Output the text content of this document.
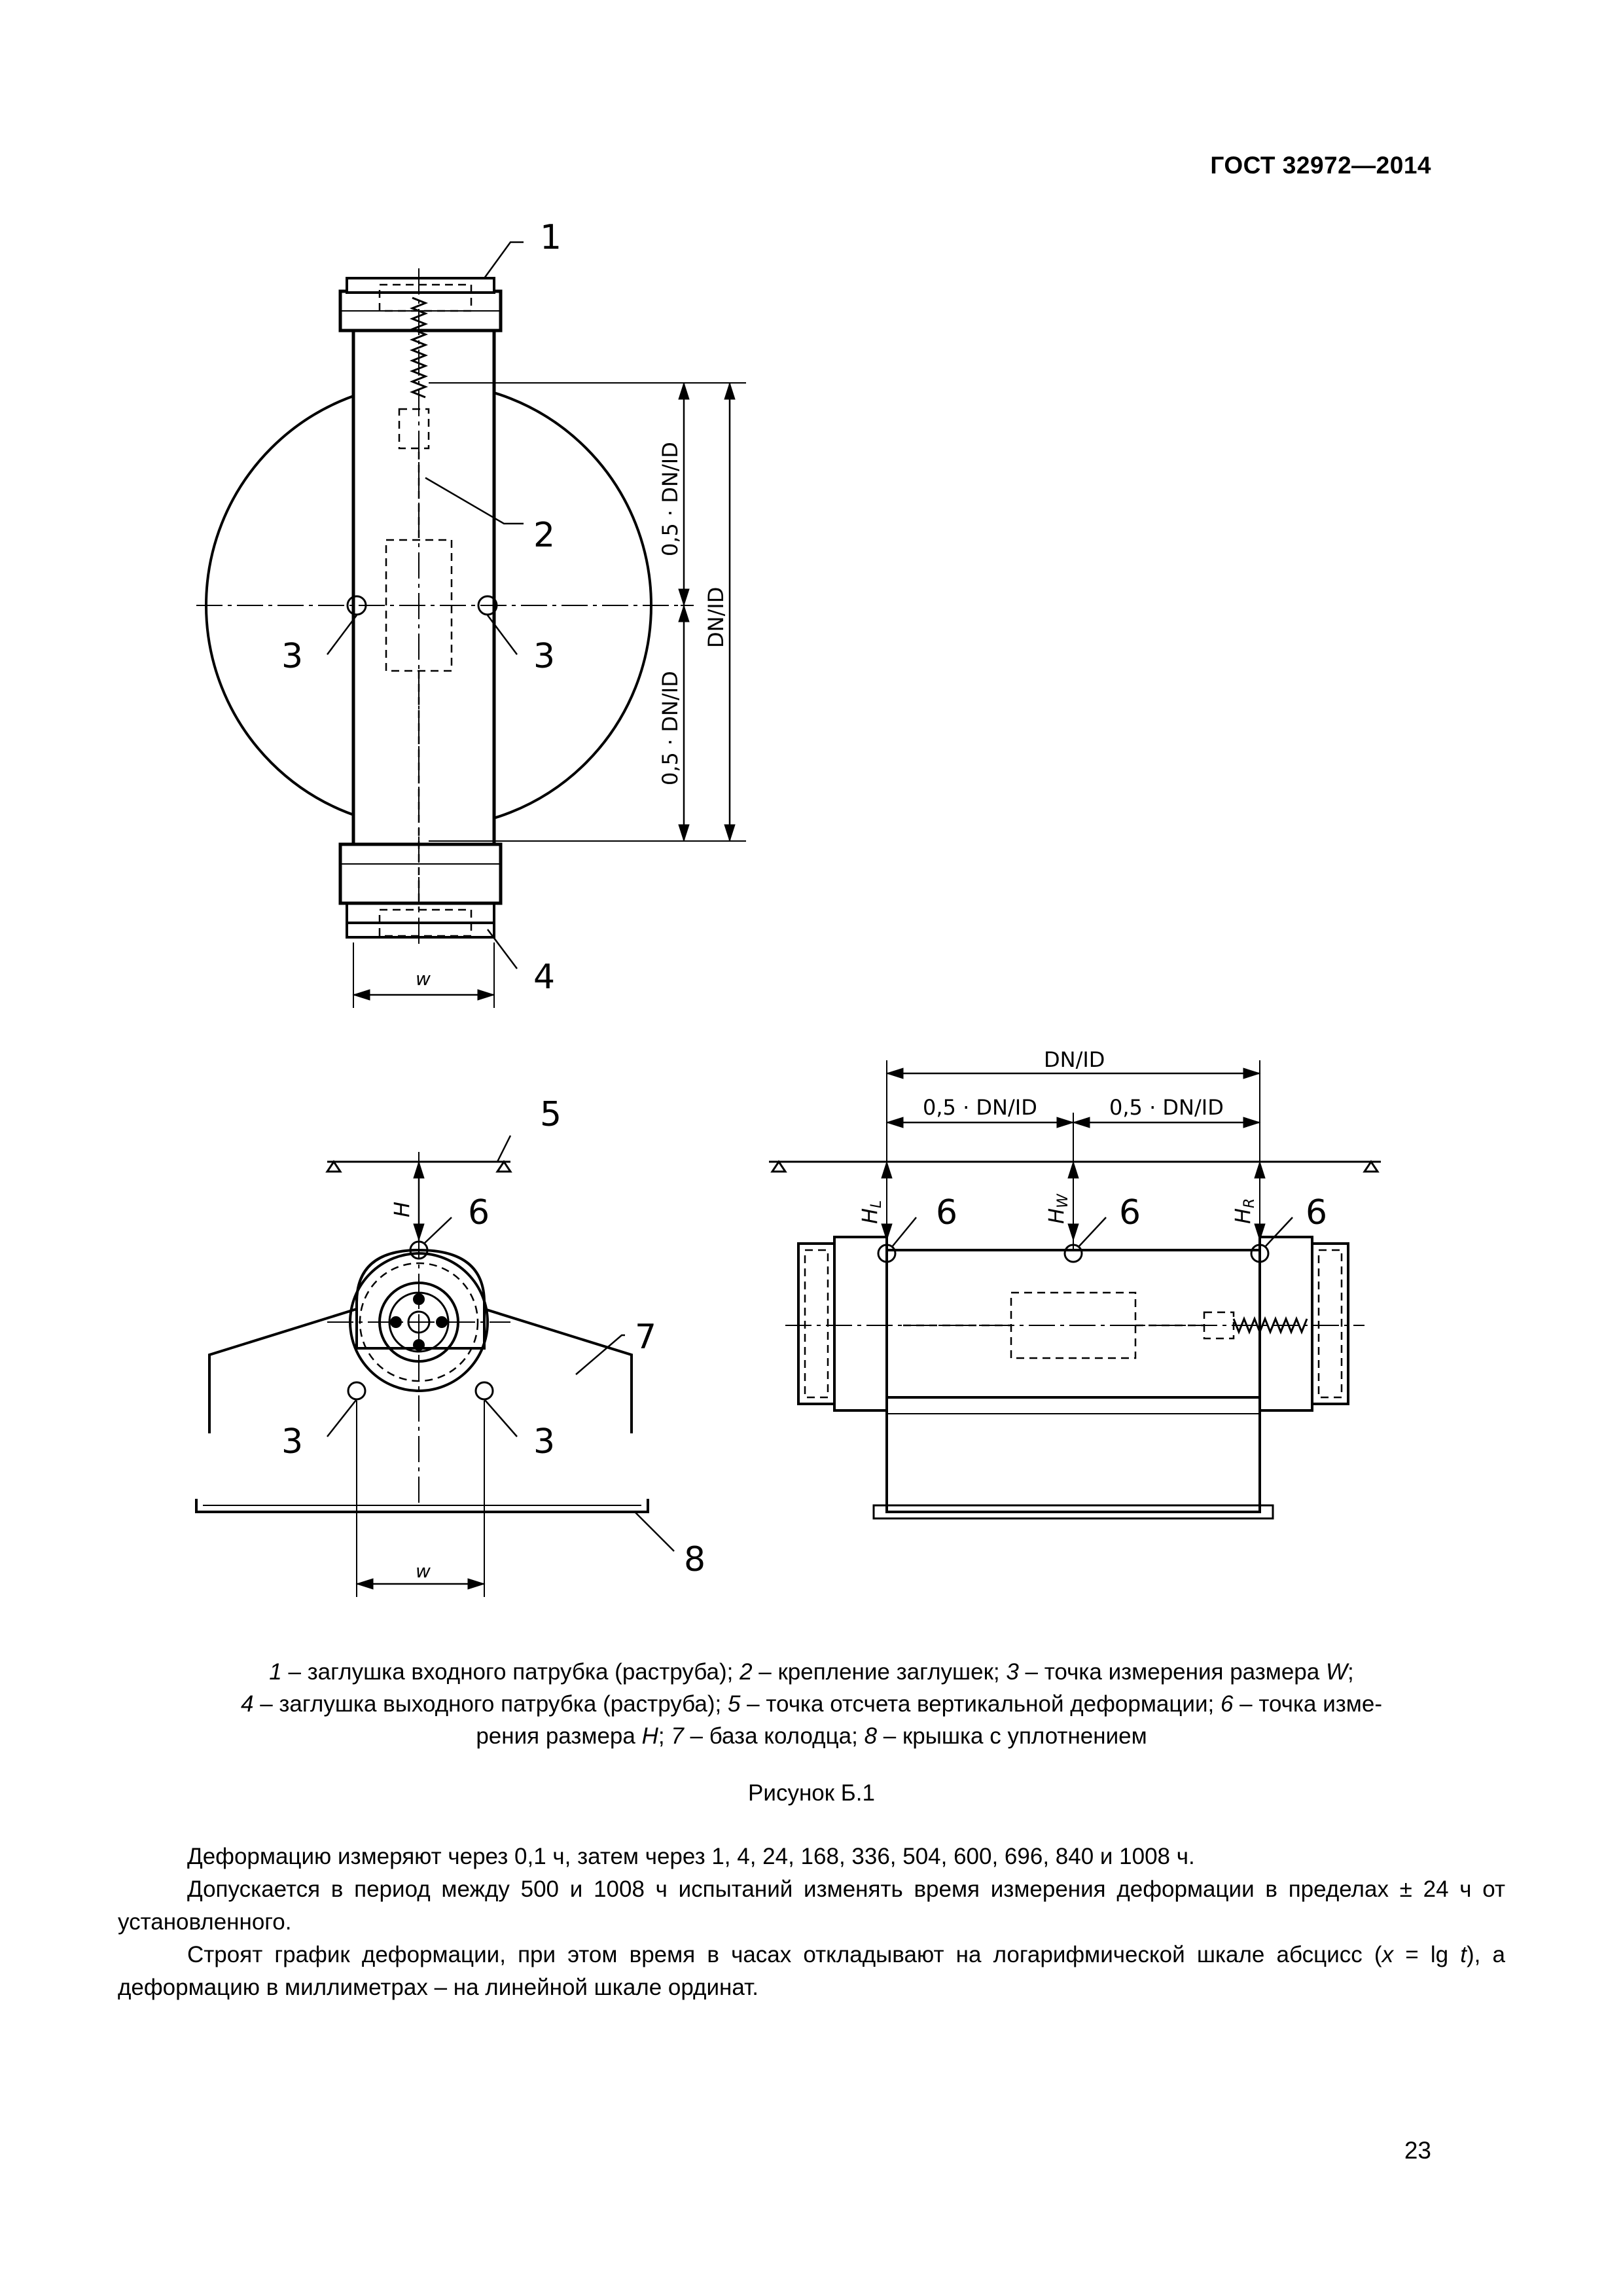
ГОСТ 32972—2014
1
2
3	3
4
5
6	6	6	6
3	3
7
8
0,5 · DN/ID
0,5 · DN/ID
DN/ID
w
w
H
DN/ID
0,5 · DN/ID	0,5 · DN/ID
HL
HW
HR
1 – заглушка входного патрубка (раструба); 2 – крепление заглушек; 3 – точка измерения размера W;
4 – заглушка выходного патрубка (раструба); 5 – точка отсчета вертикальной деформации; 6 – точка изме-
рения размера H; 7 – база колодца; 8 – крышка с уплотнением
Рисунок Б.1

Деформацию измеряют через 0,1 ч, затем через 1, 4, 24, 168, 336, 504, 600, 696, 840 и 1008 ч.

Допускается в период между 500 и 1008 ч испытаний изменять время измерения деформации в пределах ± 24 ч от установленного.

Строят график деформации, при этом время в часах откладывают на логарифмической шкале абсцисс (x = lg t), а деформацию в миллиметрах – на линейной шкале ординат.

23
